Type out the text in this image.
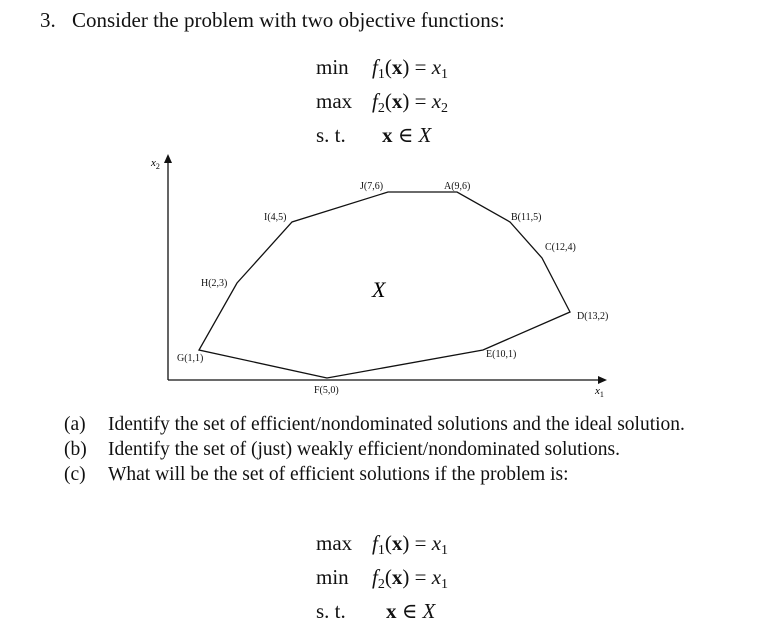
3. Consider the problem with two objective functions:
$\min f_1(x) = x_1$
$\max f_2(x) = x_2$
s. t. x ∈ X
$x_2$
$x_1$
X
G(1,1)
H(2,3)
I(4,5)
J(7,6)	A(9,6)
B(11,5)
C(12,4)
D(13,2)
E(10,1)
F(5,0)
(a)	Identify the set of efficient/nondominated solutions and the ideal solution.
(b)	Identify the set of (just) weakly efficient/nondominated solutions.
(c)	What will be the set of efficient solutions if the problem is:
$\max f_1(x) = x_1$
$\min f_2(x) = x_1$
s. t. x ∈ X
